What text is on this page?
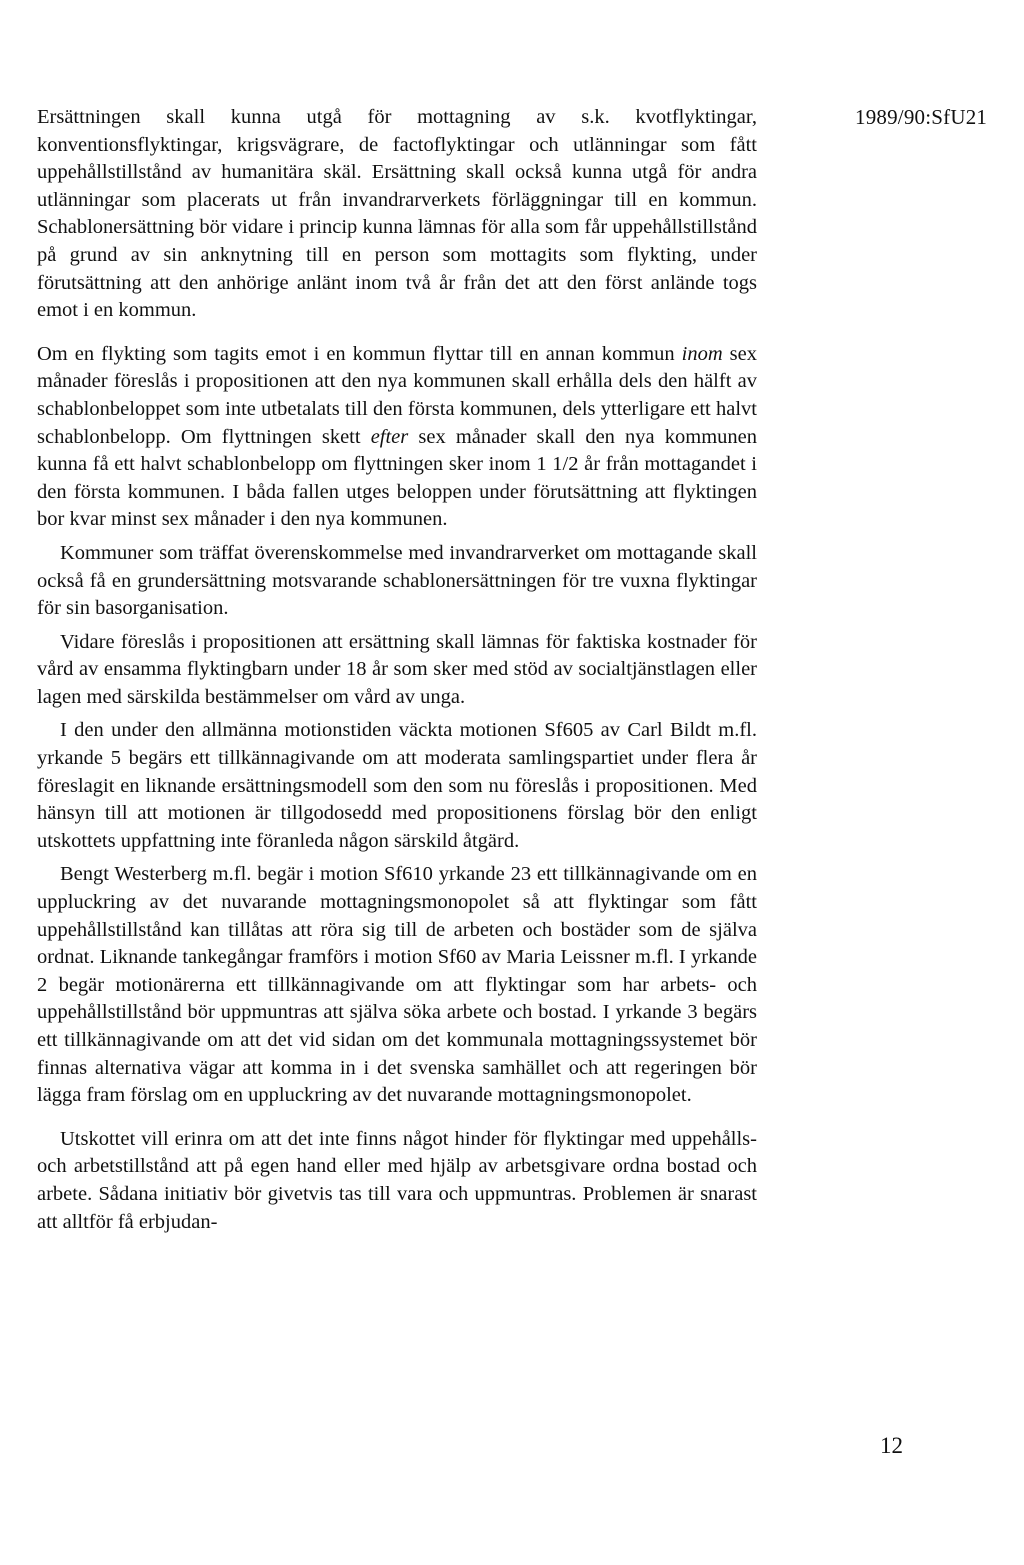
1989/90:SfU21

Ersättningen skall kunna utgå för mottagning av s.k. kvotflyktingar, konventionsflyktingar, krigsvägrare, de factoflyktingar och utlänningar som fått uppehållstillstånd av humanitära skäl. Ersättning skall också kunna utgå för andra utlänningar som placerats ut från invandrarverkets förläggningar till en kommun. Schablonersättning bör vidare i princip kunna lämnas för alla som får uppehållstillstånd på grund av sin anknytning till en person som mottagits som flykting, under förutsättning att den anhörige anlänt inom två år från det att den först anlände togs emot i en kommun.

Om en flykting som tagits emot i en kommun flyttar till en annan kommun inom sex månader föreslås i propositionen att den nya kommunen skall erhålla dels den hälft av schablonbeloppet som inte utbetalats till den första kommunen, dels ytterligare ett halvt schablonbelopp. Om flyttningen skett efter sex månader skall den nya kommunen kunna få ett halvt schablonbelopp om flyttningen sker inom 1 1/2 år från mottagandet i den första kommunen. I båda fallen utges beloppen under förutsättning att flyktingen bor kvar minst sex månader i den nya kommunen.

Kommuner som träffat överenskommelse med invandrarverket om mottagande skall också få en grundersättning motsvarande schablonersättningen för tre vuxna flyktingar för sin basorganisation.

Vidare föreslås i propositionen att ersättning skall lämnas för faktiska kostnader för vård av ensamma flyktingbarn under 18 år som sker med stöd av socialtjänstlagen eller lagen med särskilda bestämmelser om vård av unga.

I den under den allmänna motionstiden väckta motionen Sf605 av Carl Bildt m.fl. yrkande 5 begärs ett tillkännagivande om att moderata samlingspartiet under flera år föreslagit en liknande ersättningsmodell som den som nu föreslås i propositionen. Med hänsyn till att motionen är tillgodosedd med propositionens förslag bör den enligt utskottets uppfattning inte föranleda någon särskild åtgärd.

Bengt Westerberg m.fl. begär i motion Sf610 yrkande 23 ett tillkännagivande om en uppluckring av det nuvarande mottagningsmonopolet så att flyktingar som fått uppehållstillstånd kan tillåtas att röra sig till de arbeten och bostäder som de själva ordnat. Liknande tankegångar framförs i motion Sf60 av Maria Leissner m.fl. I yrkande 2 begär motionärerna ett tillkännagivande om att flyktingar som har arbets- och uppehållstillstånd bör uppmuntras att själva söka arbete och bostad. I yrkande 3 begärs ett tillkännagivande om att det vid sidan om det kommunala mottagningssystemet bör finnas alternativa vägar att komma in i det svenska samhället och att regeringen bör lägga fram förslag om en uppluckring av det nuvarande mottagningsmonopolet.

Utskottet vill erinra om att det inte finns något hinder för flyktingar med uppehålls- och arbetstillstånd att på egen hand eller med hjälp av arbetsgivare ordna bostad och arbete. Sådana initiativ bör givetvis tas till vara och uppmuntras. Problemen är snarast att alltför få erbjudan-

12
